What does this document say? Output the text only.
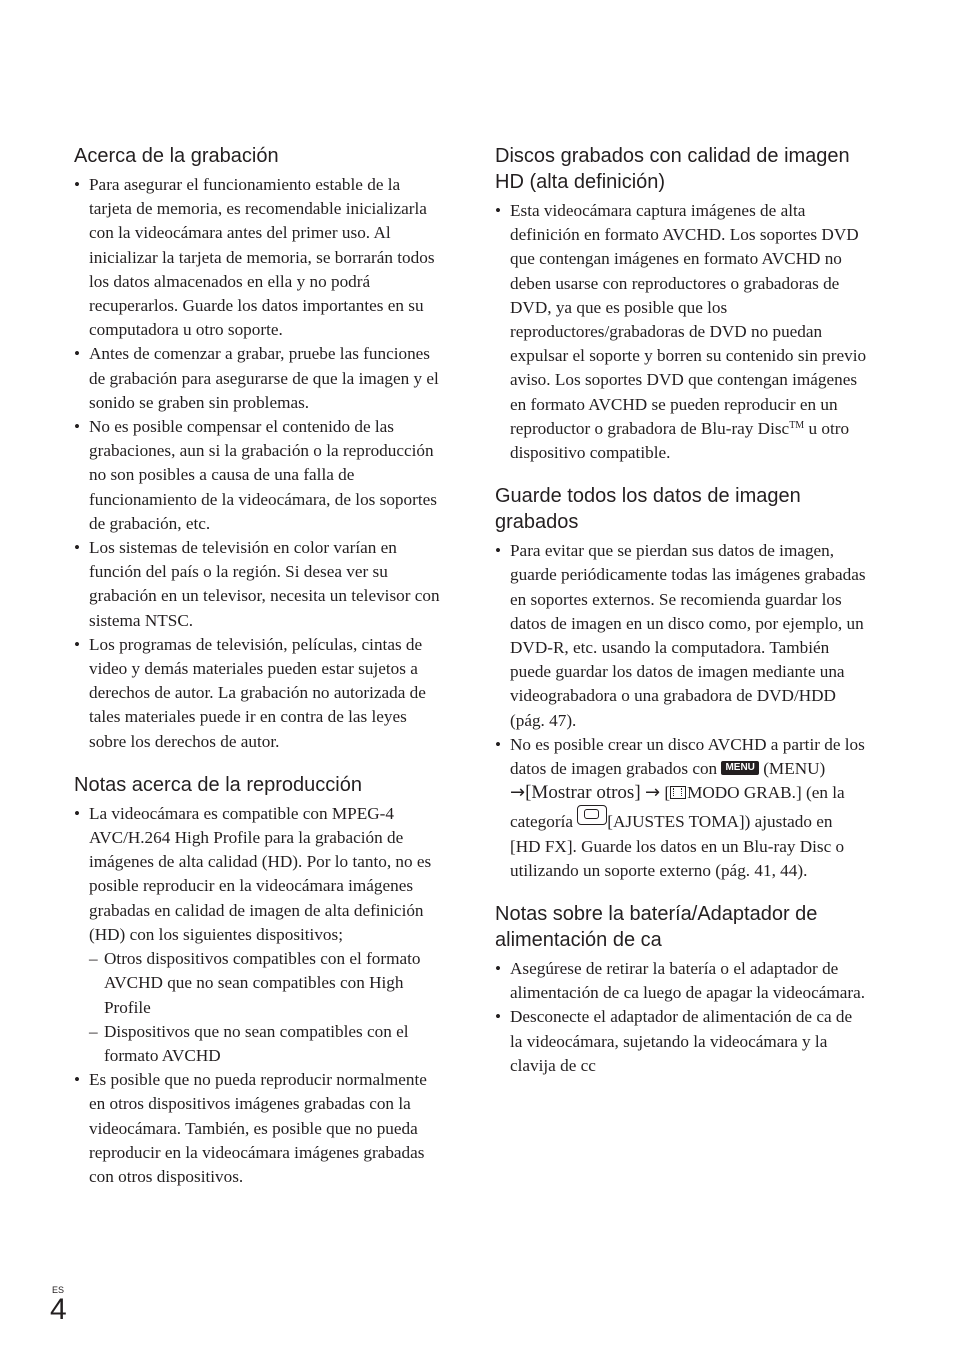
Acerca de la grabación
• Para asegurar el funcionamiento estable de la tarjeta de memoria, es recomendable inicializarla con la videocámara antes del primer uso. Al inicializar la tarjeta de memoria, se borrarán todos los datos almacenados en ella y no podrá recuperarlos. Guarde los datos importantes en su computadora u otro soporte.
• Antes de comenzar a grabar, pruebe las funciones de grabación para asegurarse de que la imagen y el sonido se graben sin problemas.
• No es posible compensar el contenido de las grabaciones, aun si la grabación o la reproducción no son posibles a causa de una falla de funcionamiento de la videocámara, de los soportes de grabación, etc.
• Los sistemas de televisión en color varían en función del país o la región. Si desea ver su grabación en un televisor, necesita un televisor con sistema NTSC.
• Los programas de televisión, películas, cintas de video y demás materiales pueden estar sujetos a derechos de autor. La grabación no autorizada de tales materiales puede ir en contra de las leyes sobre los derechos de autor.
Notas acerca de la reproducción
• La videocámara es compatible con MPEG-4 AVC/H.264 High Profile para la grabación de imágenes de alta calidad (HD). Por lo tanto, no es posible reproducir en la videocámara imágenes grabadas en calidad de imagen de alta definición (HD) con los siguientes dispositivos;
– Otros dispositivos compatibles con el formato AVCHD que no sean compatibles con High Profile
– Dispositivos que no sean compatibles con el formato AVCHD
• Es posible que no pueda reproducir normalmente en otros dispositivos imágenes grabadas con la videocámara. También, es posible que no pueda reproducir en la videocámara imágenes grabadas con otros dispositivos.
Discos grabados con calidad de imagen HD (alta definición)
• Esta videocámara captura imágenes de alta definición en formato AVCHD. Los soportes DVD que contengan imágenes en formato AVCHD no deben usarse con reproductores o grabadoras de DVD, ya que es posible que los reproductores/grabadoras de DVD no puedan expulsar el soporte y borren su contenido sin previo aviso. Los soportes DVD que contengan imágenes en formato AVCHD se pueden reproducir en un reproductor o grabadora de Blu-ray Disc™ u otro dispositivo compatible.
Guarde todos los datos de imagen grabados
• Para evitar que se pierdan sus datos de imagen, guarde periódicamente todas las imágenes grabadas en soportes externos. Se recomienda guardar los datos de imagen en un disco como, por ejemplo, un DVD-R, etc. usando la computadora. También puede guardar los datos de imagen mediante una videograbadora o una grabadora de DVD/HDD (pág. 47).
• No es posible crear un disco AVCHD a partir de los datos de imagen grabados con MENU (MENU) →[Mostrar otros] → [ MODO GRAB.] (en la categoría [AJUSTES TOMA]) ajustado en [HD FX]. Guarde los datos en un Blu-ray Disc o utilizando un soporte externo (pág. 41, 44).
Notas sobre la batería/Adaptador de alimentación de ca
• Asegúrese de retirar la batería o el adaptador de alimentación de ca luego de apagar la videocámara.
• Desconecte el adaptador de alimentación de ca de la videocámara, sujetando la videocámara y la clavija de cc
ES
4
